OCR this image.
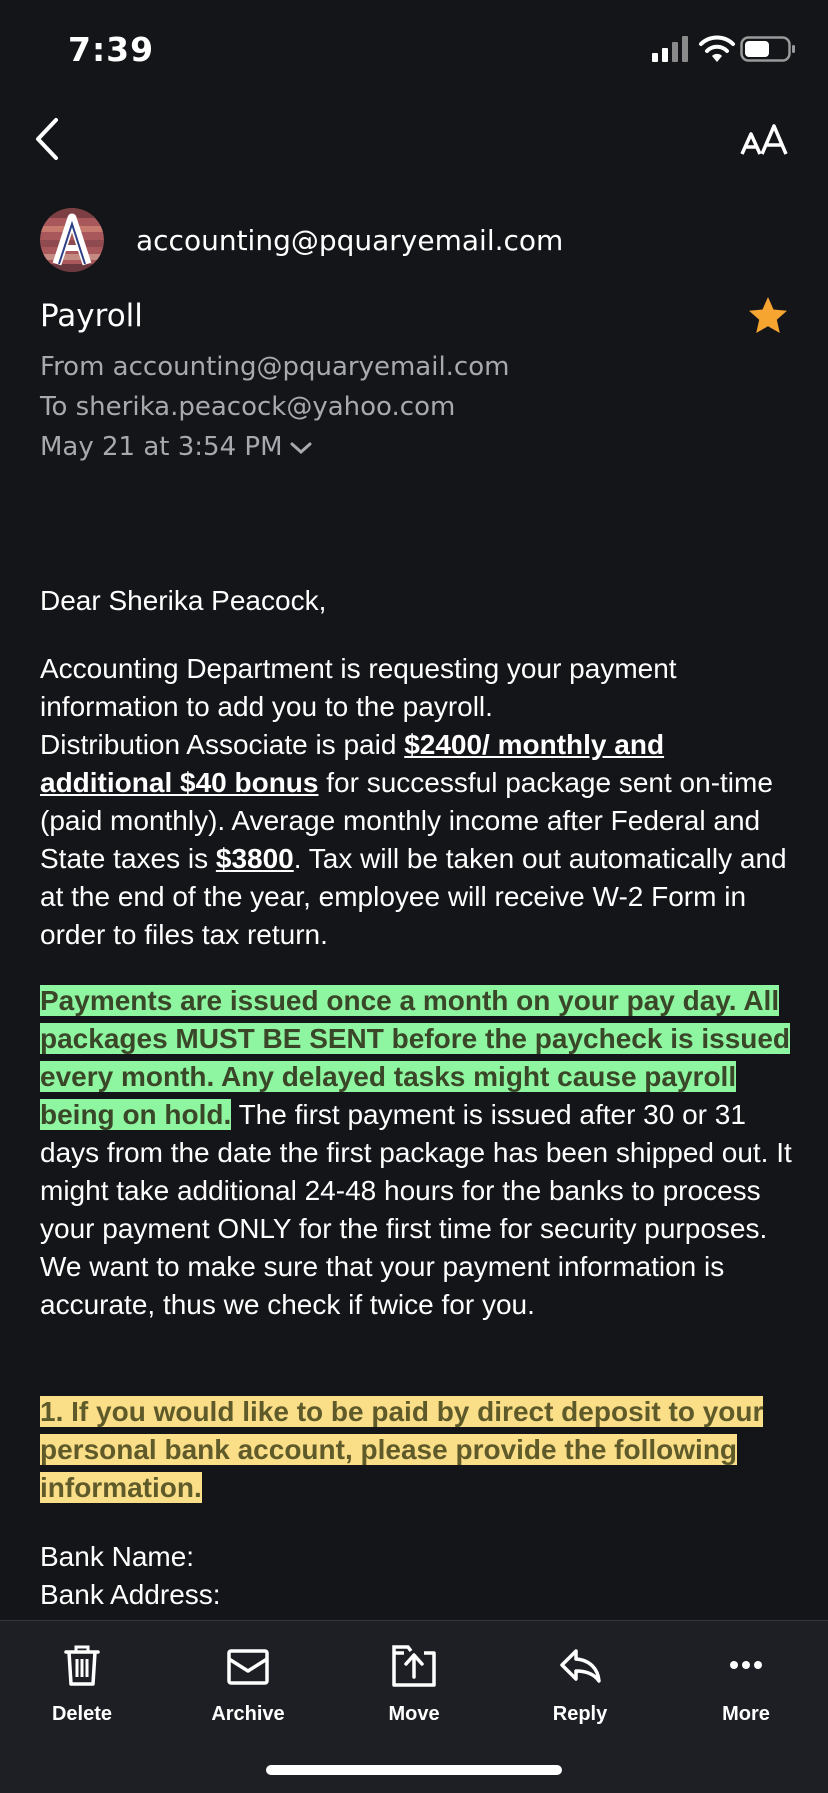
7:39
accounting@pquaryemail.com
Payroll
From accounting@pquaryemail.com
To sherika.peacock@yahoo.com
May 21 at 3:54 PM
Dear Sherika Peacock,

Accounting Department is requesting your payment information to add you to the payroll.

Distribution Associate is paid $2400/ monthly and additional $40 bonus for successful package sent on-time (paid monthly). Average monthly income after Federal and State taxes is $3800. Tax will be taken out automatically and at the end of the year, employee will receive W-2 Form in order to files tax return.

Payments are issued once a month on your pay day. All packages MUST BE SENT before the paycheck is issued every month. Any delayed tasks might cause payroll being on hold. The first payment is issued after 30 or 31 days from the date the first package has been shipped out. It might take additional 24-48 hours for the banks to process your payment ONLY for the first time for security purposes. We want to make sure that your payment information is accurate, thus we check if twice for you.

1. If you would like to be paid by direct deposit to your personal bank account, please provide the following information.

Bank Name:
Bank Address:
Delete	Archive	Move	Reply	More
